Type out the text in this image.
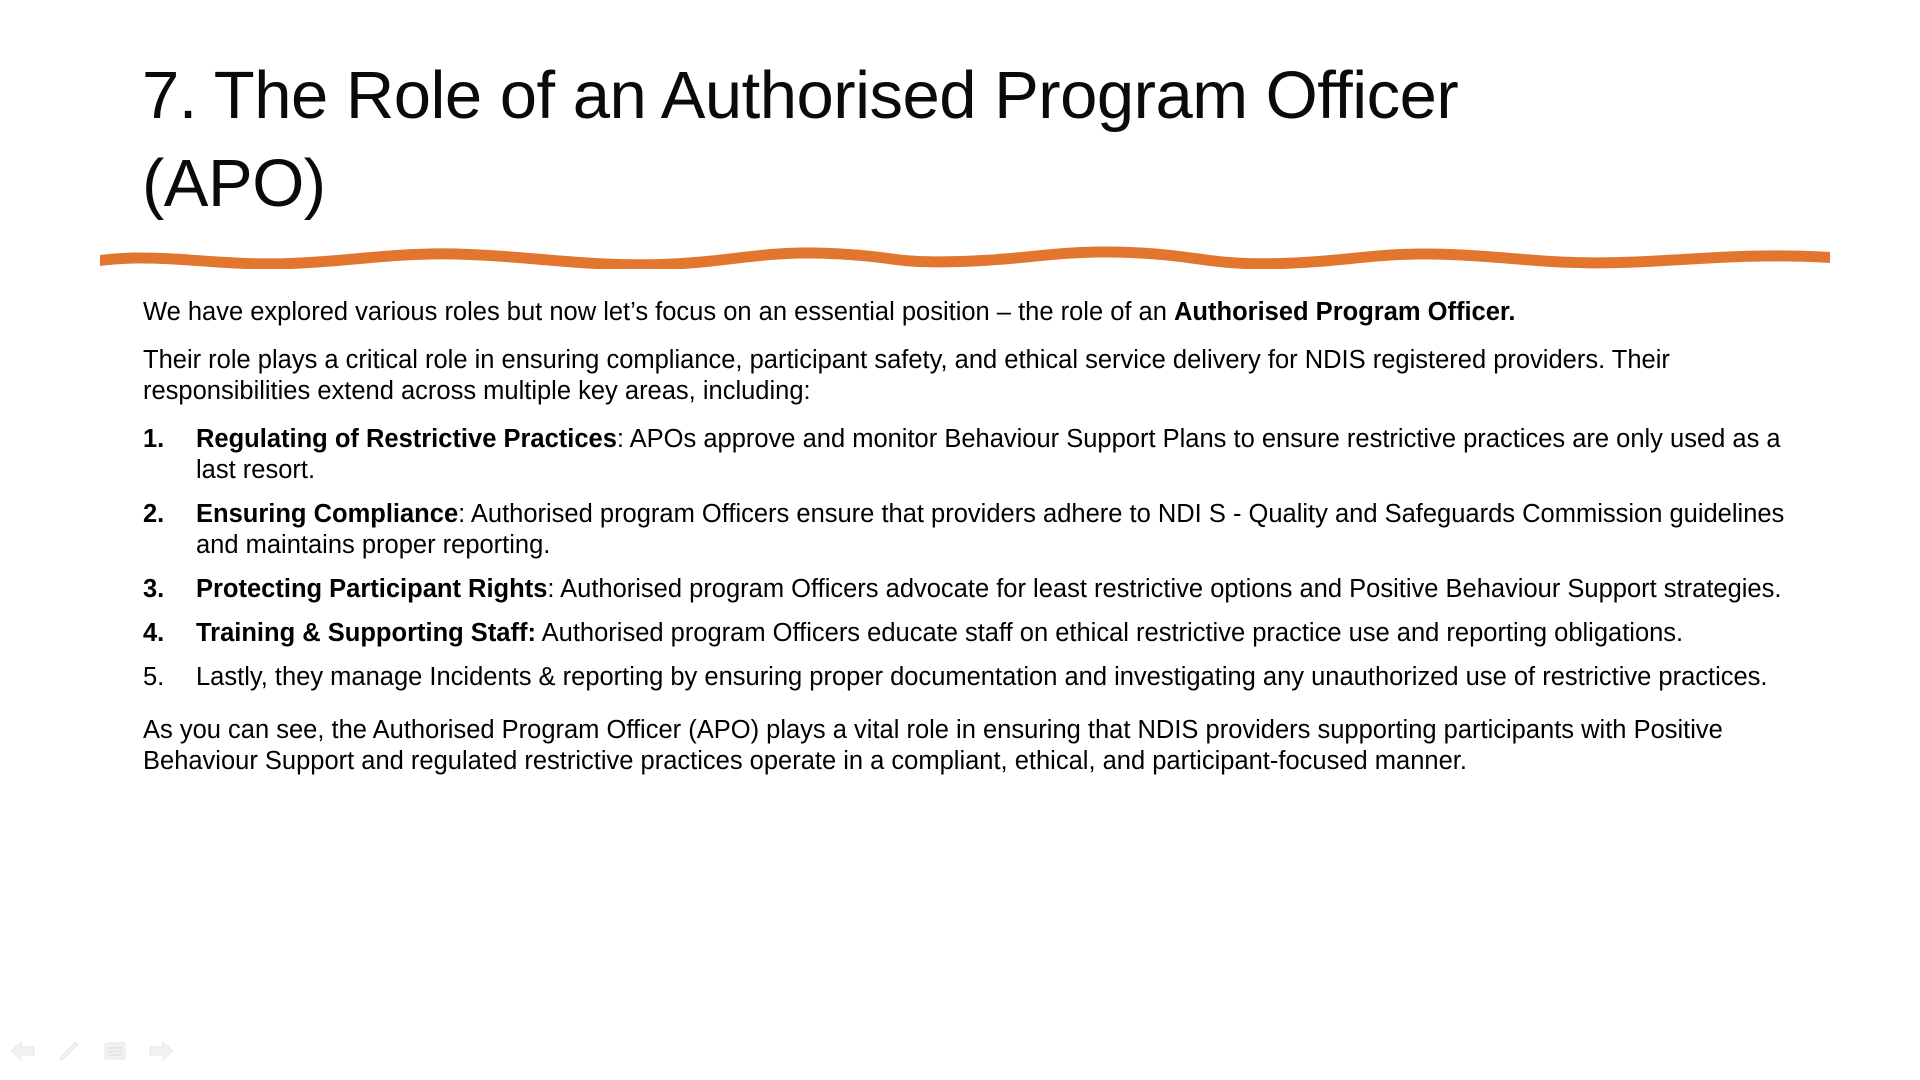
7. The Role of an Authorised Program Officer (APO)

We have explored various roles but now let’s focus on an essential position – the role of an Authorised Program Officer.

Their role plays a critical role in ensuring compliance, participant safety, and ethical service delivery for NDIS registered providers. Their responsibilities extend across multiple key areas, including:

1.	Regulating of Restrictive Practices: APOs approve and monitor Behaviour Support Plans to ensure restrictive practices are only used as a last resort.
2.	Ensuring Compliance: Authorised program Officers ensure that providers adhere to NDI S - Quality and Safeguards Commission guidelines and maintains proper reporting.
3.	Protecting Participant Rights: Authorised program Officers advocate for least restrictive options and Positive Behaviour Support strategies.
4.	Training & Supporting Staff: Authorised program Officers educate staff on ethical restrictive practice use and reporting obligations.
5.	Lastly, they manage Incidents & reporting by ensuring proper documentation and investigating any unauthorized use of restrictive practices.

As you can see, the Authorised Program Officer (APO) plays a vital role in ensuring that NDIS providers supporting participants with Positive Behaviour Support and regulated restrictive practices operate in a compliant, ethical, and participant-focused manner.
